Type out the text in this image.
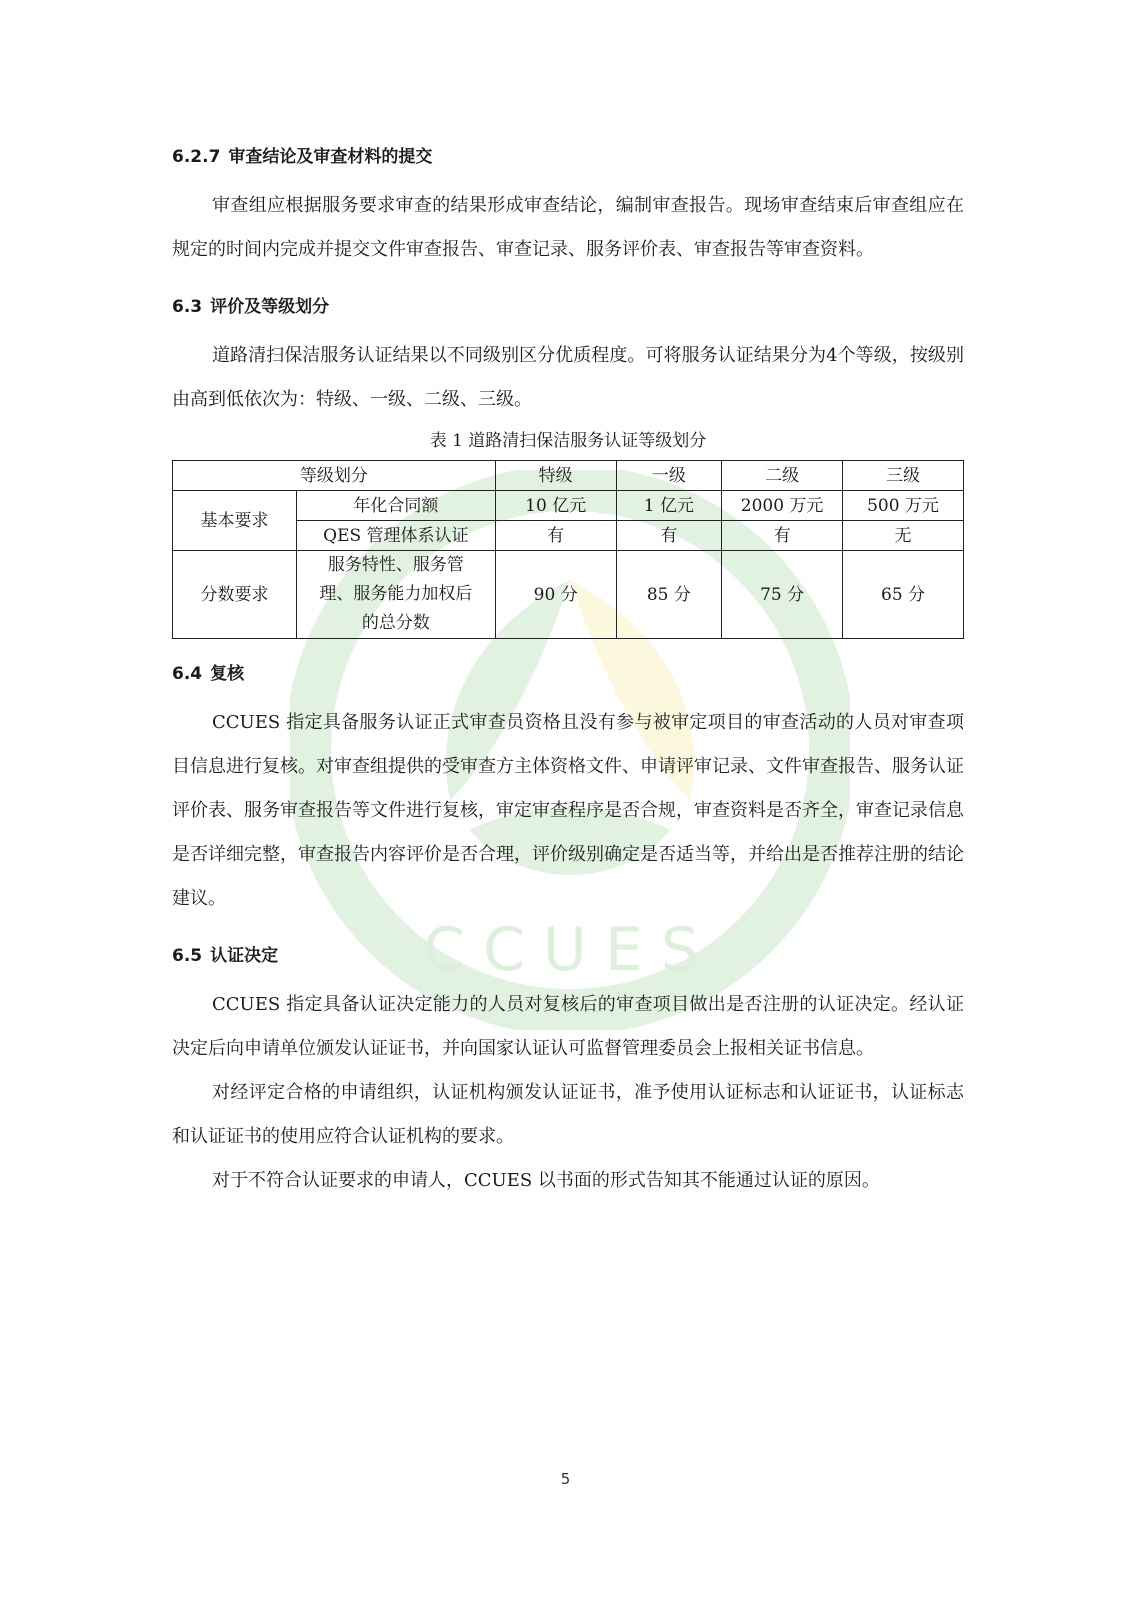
CCUES
6.2.7 审查结论及审查材料的提交

审查组应根据服务要求审查的结果形成审查结论，编制审查报告。现场审查结束后审查组应在规定的时间内完成并提交文件审查报告、审查记录、服务评价表、审查报告等审查资料。

6.3 评价及等级划分

道路清扫保洁服务认证结果以不同级别区分优质程度。可将服务认证结果分为4个等级，按级别由高到低依次为：特级、一级、二级、三级。

表 1 道路清扫保洁服务认证等级划分
等级划分		特级	一级	二级	三级
基本要求	年化合同额	10 亿元	1 亿元	2000 万元	500 万元
	QES 管理体系认证	有	有	有	无
分数要求	服务特性、服务管理、服务能力加权后的总分数	90 分	85 分	75 分	65 分
6.4 复核

CCUES 指定具备服务认证正式审查员资格且没有参与被审定项目的审查活动的人员对审查项目信息进行复核。对审查组提供的受审查方主体资格文件、申请评审记录、文件审查报告、服务认证评价表、服务审查报告等文件进行复核，审定审查程序是否合规，审查资料是否齐全，审查记录信息是否详细完整，审查报告内容评价是否合理，评价级别确定是否适当等，并给出是否推荐注册的结论建议。

6.5 认证决定

CCUES 指定具备认证决定能力的人员对复核后的审查项目做出是否注册的认证决定。经认证决定后向申请单位颁发认证证书，并向国家认证认可监督管理委员会上报相关证书信息。

对经评定合格的申请组织，认证机构颁发认证证书，准予使用认证标志和认证证书，认证标志和认证证书的使用应符合认证机构的要求。

对于不符合认证要求的申请人，CCUES 以书面的形式告知其不能通过认证的原因。

5
